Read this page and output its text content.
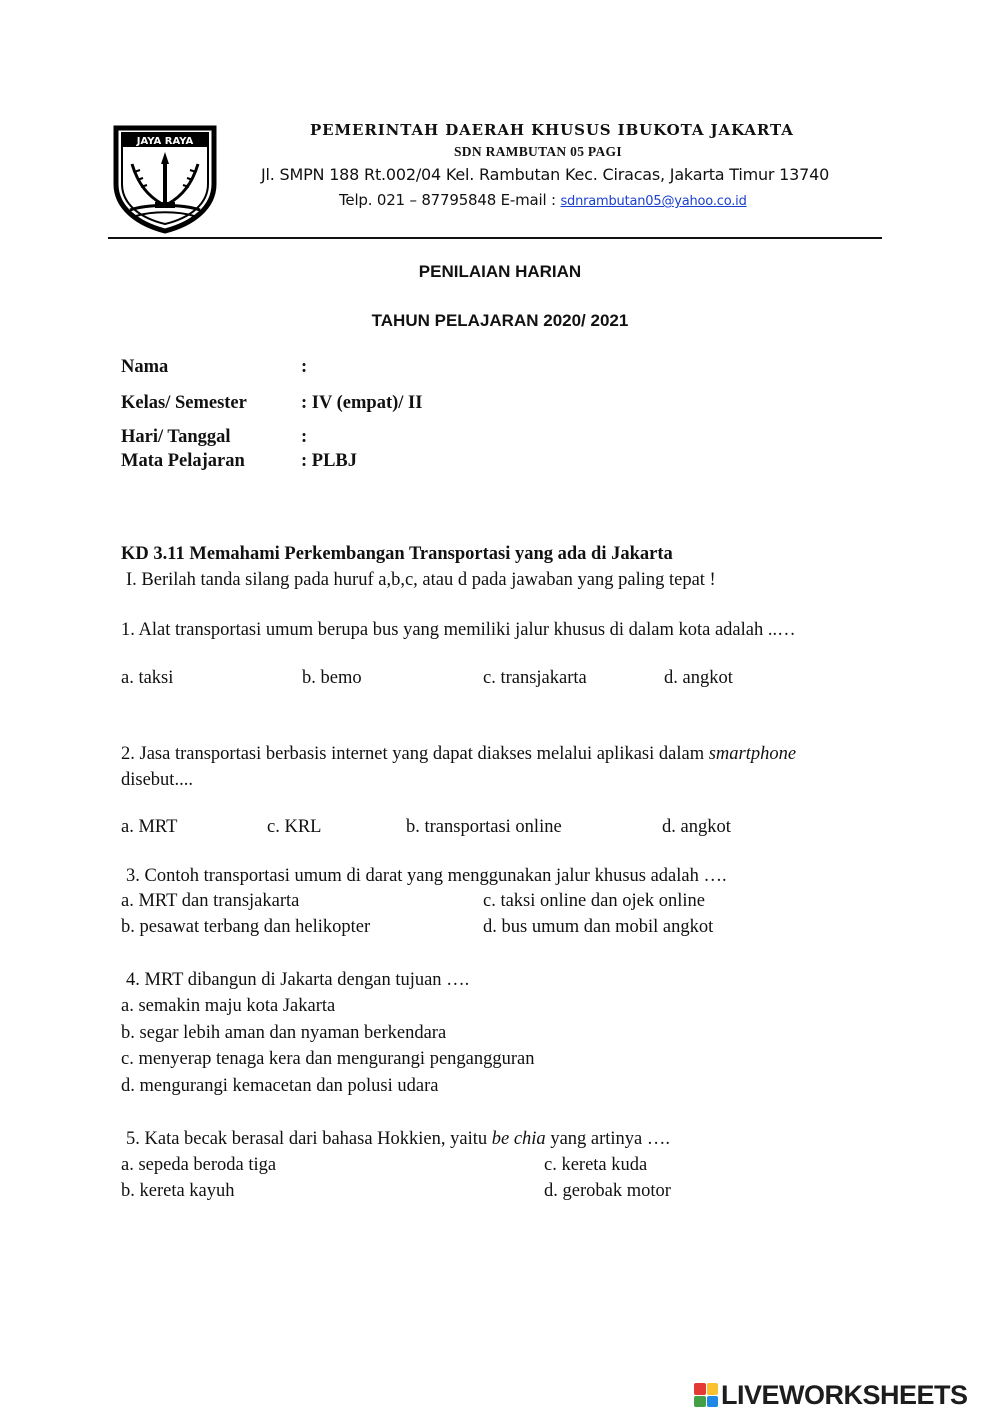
JAYA RAYA
PEMERINTAH DAERAH KHUSUS IBUKOTA JAKARTA
SDN RAMBUTAN 05 PAGI
Jl. SMPN 188 Rt.002/04 Kel. Rambutan Kec. Ciracas, Jakarta Timur 13740
Telp. 021 – 87795848 E-mail : sdnrambutan05@yahoo.co.id
PENILAIAN HARIAN
TAHUN PELAJARAN 2020/ 2021
Nama	:
Kelas/ Semester	: IV (empat)/ II
Hari/ Tanggal	:
Mata Pelajaran	: PLBJ
KD 3.11 Memahami Perkembangan Transportasi yang ada di Jakarta
I. Berilah tanda silang pada huruf a,b,c, atau d pada jawaban yang paling tepat !
1. Alat transportasi umum berupa bus yang memiliki jalur khusus di dalam kota adalah ..…
a. taksi	b. bemo	c. transjakarta	d. angkot
2. Jasa transportasi berbasis internet yang dapat diakses melalui aplikasi dalam smartphone
disebut....
a. MRT	c. KRL	b. transportasi online	d. angkot
3. Contoh transportasi umum di darat yang menggunakan jalur khusus adalah ….
a. MRT dan transjakarta	c. taksi online dan ojek online
b. pesawat terbang dan helikopter	d. bus umum dan mobil angkot
4. MRT dibangun di Jakarta dengan tujuan ….
a. semakin maju kota Jakarta
b. segar lebih aman dan nyaman berkendara
c. menyerap tenaga kera dan mengurangi pengangguran
d. mengurangi kemacetan dan polusi udara
5. Kata becak berasal dari bahasa Hokkien, yaitu be chia yang artinya ….
a. sepeda beroda tiga	c. kereta kuda
b. kereta kayuh	d. gerobak motor
LIVEWORKSHEETS
